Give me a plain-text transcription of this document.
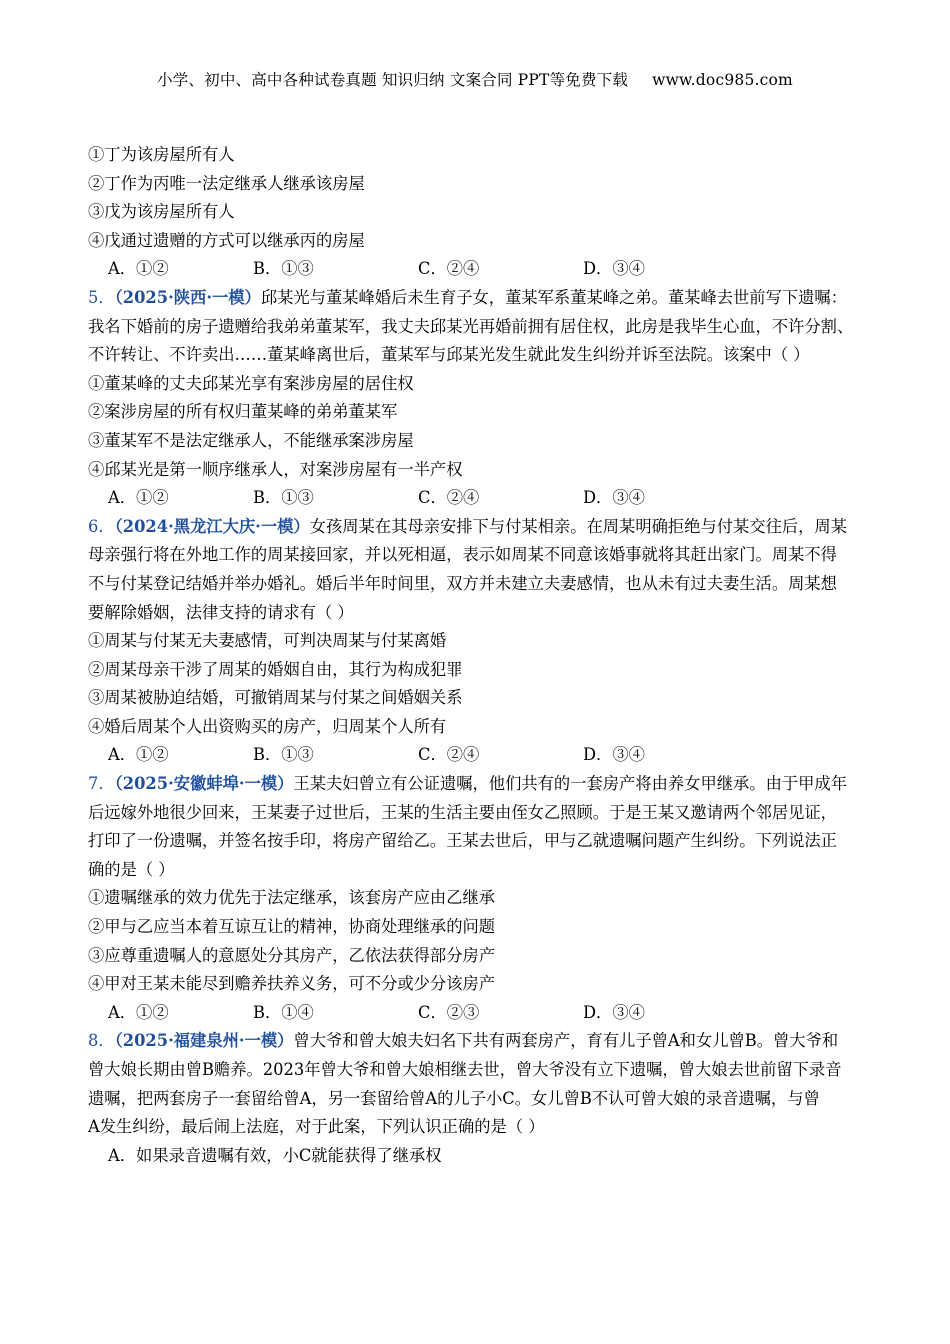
小学、初中、高中各种试卷真题 知识归纳 文案合同 PPT等免费下载 www.doc985.com
①丁为该房屋所有人
②丁作为丙唯一法定继承人继承该房屋
③戊为该房屋所有人
④戊通过遗赠的方式可以继承丙的房屋
A．①②	B．①③	C．②④	D．③④
5．（2025·陕西·一模）邱某光与董某峰婚后未生育子女，董某军系董某峰之弟。董某峰去世前写下遗嘱：
我名下婚前的房子遗赠给我弟弟董某军，我丈夫邱某光再婚前拥有居住权，此房是我毕生心血，不许分割、
不许转让、不许卖出……董某峰离世后，董某军与邱某光发生就此发生纠纷并诉至法院。该案中（ ）
①董某峰的丈夫邱某光享有案涉房屋的居住权
②案涉房屋的所有权归董某峰的弟弟董某军
③董某军不是法定继承人，不能继承案涉房屋
④邱某光是第一顺序继承人，对案涉房屋有一半产权
A．①②	B．①③	C．②④	D．③④
6．（2024·黑龙江大庆·一模）女孩周某在其母亲安排下与付某相亲。在周某明确拒绝与付某交往后，周某
母亲强行将在外地工作的周某接回家，并以死相逼，表示如周某不同意该婚事就将其赶出家门。周某不得
不与付某登记结婚并举办婚礼。婚后半年时间里，双方并未建立夫妻感情，也从未有过夫妻生活。周某想
要解除婚姻，法律支持的请求有（ ）
①周某与付某无夫妻感情，可判决周某与付某离婚
②周某母亲干涉了周某的婚姻自由，其行为构成犯罪
③周某被胁迫结婚，可撤销周某与付某之间婚姻关系
④婚后周某个人出资购买的房产，归周某个人所有
A．①②	B．①③	C．②④	D．③④
7．（2025·安徽蚌埠·一模）王某夫妇曾立有公证遗嘱，他们共有的一套房产将由养女甲继承。由于甲成年
后远嫁外地很少回来，王某妻子过世后，王某的生活主要由侄女乙照顾。于是王某又邀请两个邻居见证，
打印了一份遗嘱，并签名按手印，将房产留给乙。王某去世后，甲与乙就遗嘱问题产生纠纷。下列说法正
确的是（ ）
①遗嘱继承的效力优先于法定继承，该套房产应由乙继承
②甲与乙应当本着互谅互让的精神，协商处理继承的问题
③应尊重遗嘱人的意愿处分其房产，乙依法获得部分房产
④甲对王某未能尽到赡养扶养义务，可不分或少分该房产
A．①②	B．①④	C．②③	D．③④
8．（2025·福建泉州·一模）曾大爷和曾大娘夫妇名下共有两套房产，育有儿子曾A和女儿曾B。曾大爷和
曾大娘长期由曾B赡养。2023年曾大爷和曾大娘相继去世，曾大爷没有立下遗嘱，曾大娘去世前留下录音
遗嘱，把两套房子一套留给曾A，另一套留给曾A的儿子小C。女儿曾B不认可曾大娘的录音遗嘱，与曾
A发生纠纷，最后闹上法庭，对于此案，下列认识正确的是（ ）
A．如果录音遗嘱有效，小C就能获得了继承权
